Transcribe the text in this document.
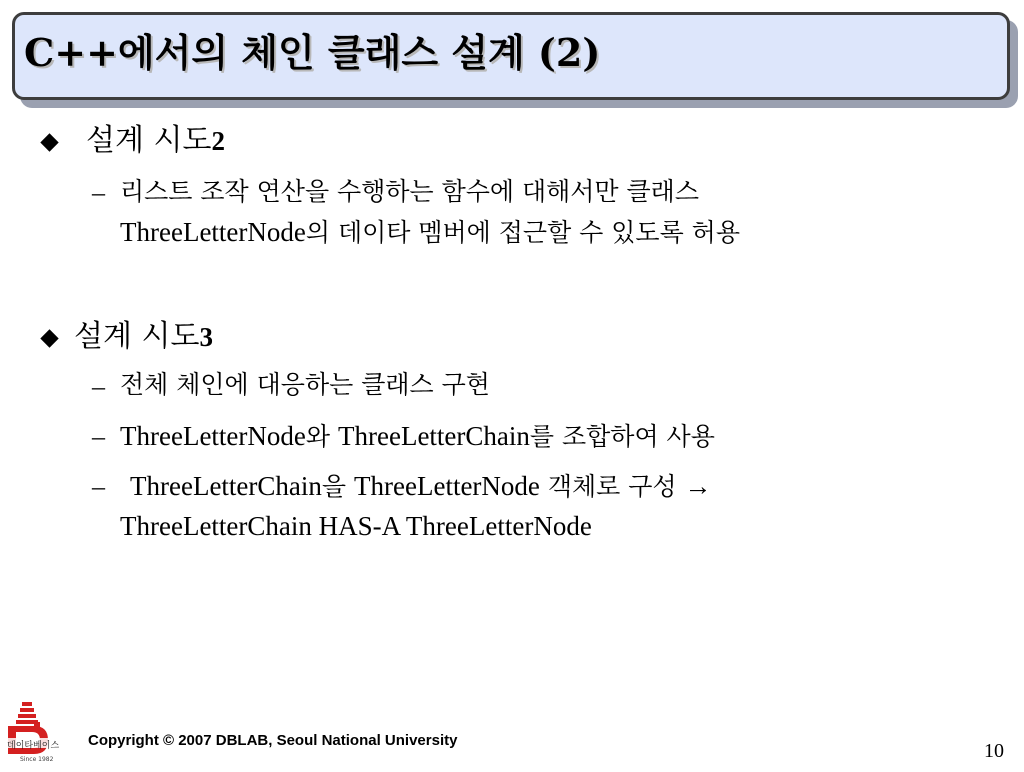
C++에서의 체인 클래스 설계 (2)
설계 시도2
– 리스트 조작 연산을 수행하는 함수에 대해서만 클래스
ThreeLetterNode의 데이타 멤버에 접근할 수 있도록 허용
설계 시도3
– 전체 체인에 대응하는 클래스 구현
– ThreeLetterNode와 ThreeLetterChain를 조합하여 사용
– ThreeLetterChain을 ThreeLetterNode 객체로 구성 →
ThreeLetterChain HAS-A ThreeLetterNode
데이타베이스
Since 1982
Copyright © 2007 DBLAB, Seoul National University	10
